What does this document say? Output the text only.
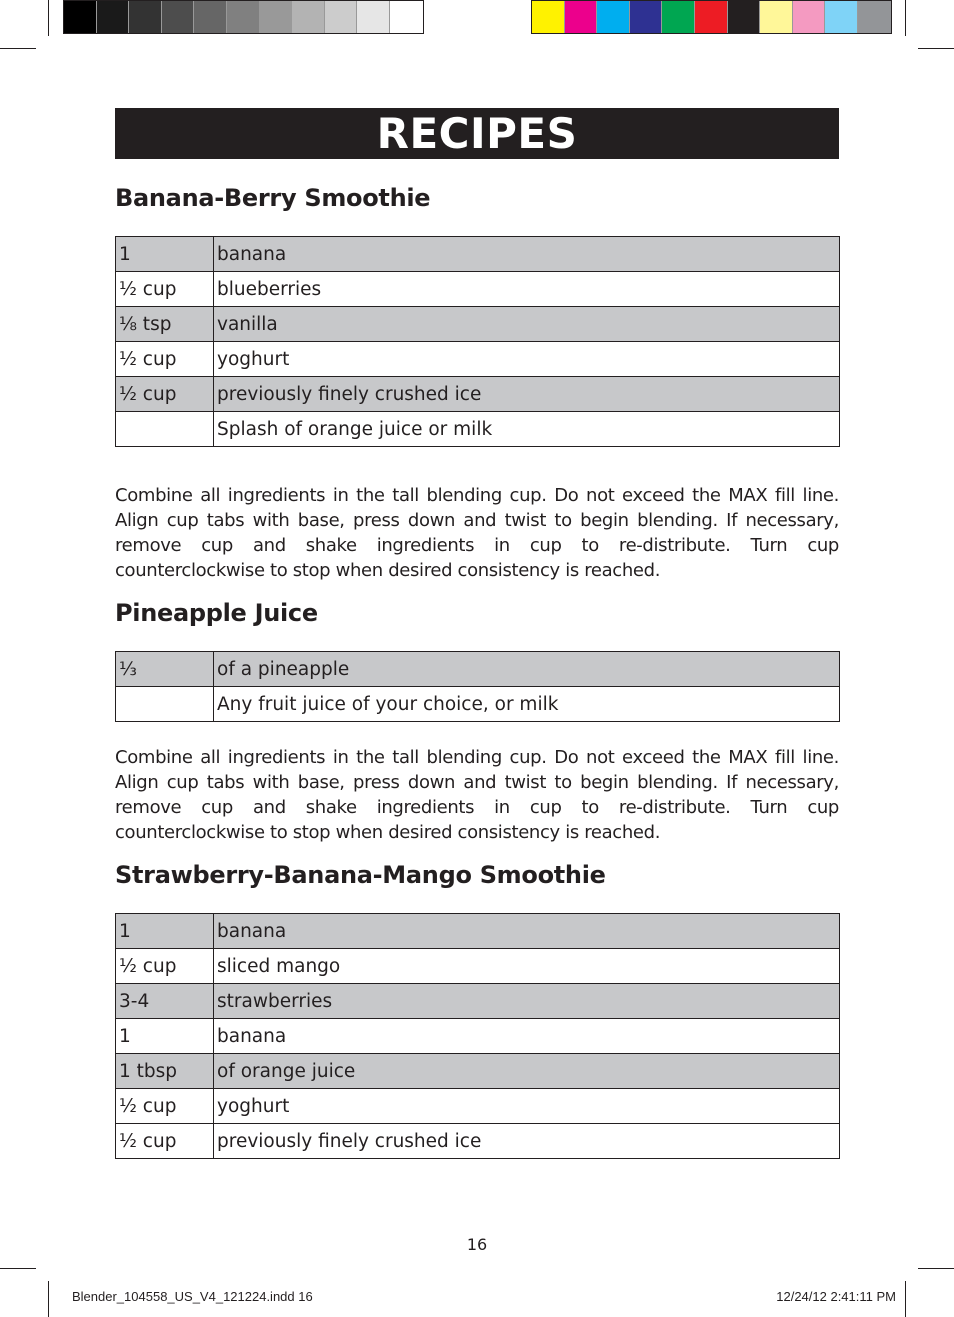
RECIPES
Banana-Berry Smoothie
1	banana
½ cup	blueberries
⅛ tsp	vanilla
½ cup	yoghurt
½ cup	previously finely crushed ice
	Splash of orange juice or milk

Combine all ingredients in the tall blending cup. Do not exceed the MAX fill line. Align cup tabs with base, press down and twist to begin blending. If necessary, remove cup and shake ingredients in cup to re-distribute. Turn cup counterclockwise to stop when desired consistency is reached.

Pineapple Juice
⅓	of a pineapple
	Any fruit juice of your choice, or milk

Combine all ingredients in the tall blending cup. Do not exceed the MAX fill line. Align cup tabs with base, press down and twist to begin blending. If necessary, remove cup and shake ingredients in cup to re-distribute. Turn cup counterclockwise to stop when desired consistency is reached.

Strawberry-Banana-Mango Smoothie
1	banana
½ cup	sliced mango
3-4	strawberries
1	banana
1 tbsp	of orange juice
½ cup	yoghurt
½ cup	previously finely crushed ice
16
Blender_104558_US_V4_121224.indd 16	12/24/12 2:41:11 PM
